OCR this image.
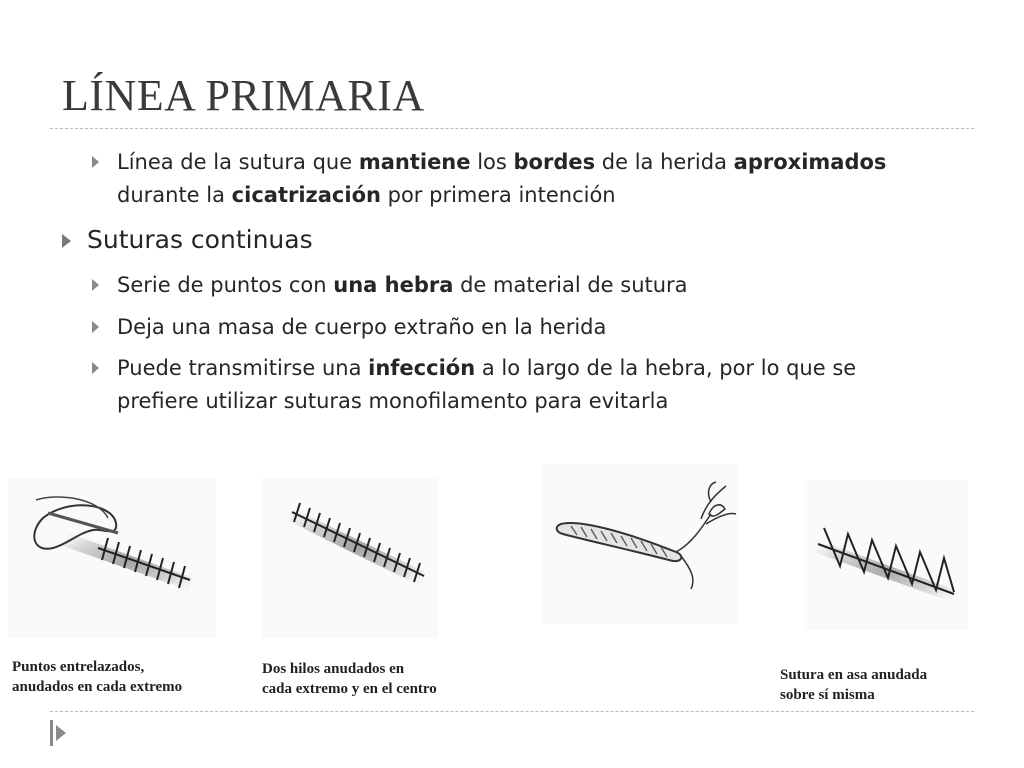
LÍNEA PRIMARIA
Línea de la sutura que mantiene los bordes de la herida aproximados durante la cicatrización por primera intención
Suturas continuas
Serie de puntos con una hebra de material de sutura
Deja una masa de cuerpo extraño en la herida
Puede transmitirse una infección a lo largo de la hebra, por lo que se prefiere utilizar suturas monofilamento para evitarla
Puntos entrelazados,
anudados en cada extremo
Dos hilos anudados en
cada extremo y en el centro
Sutura en asa anudada
sobre sí misma
